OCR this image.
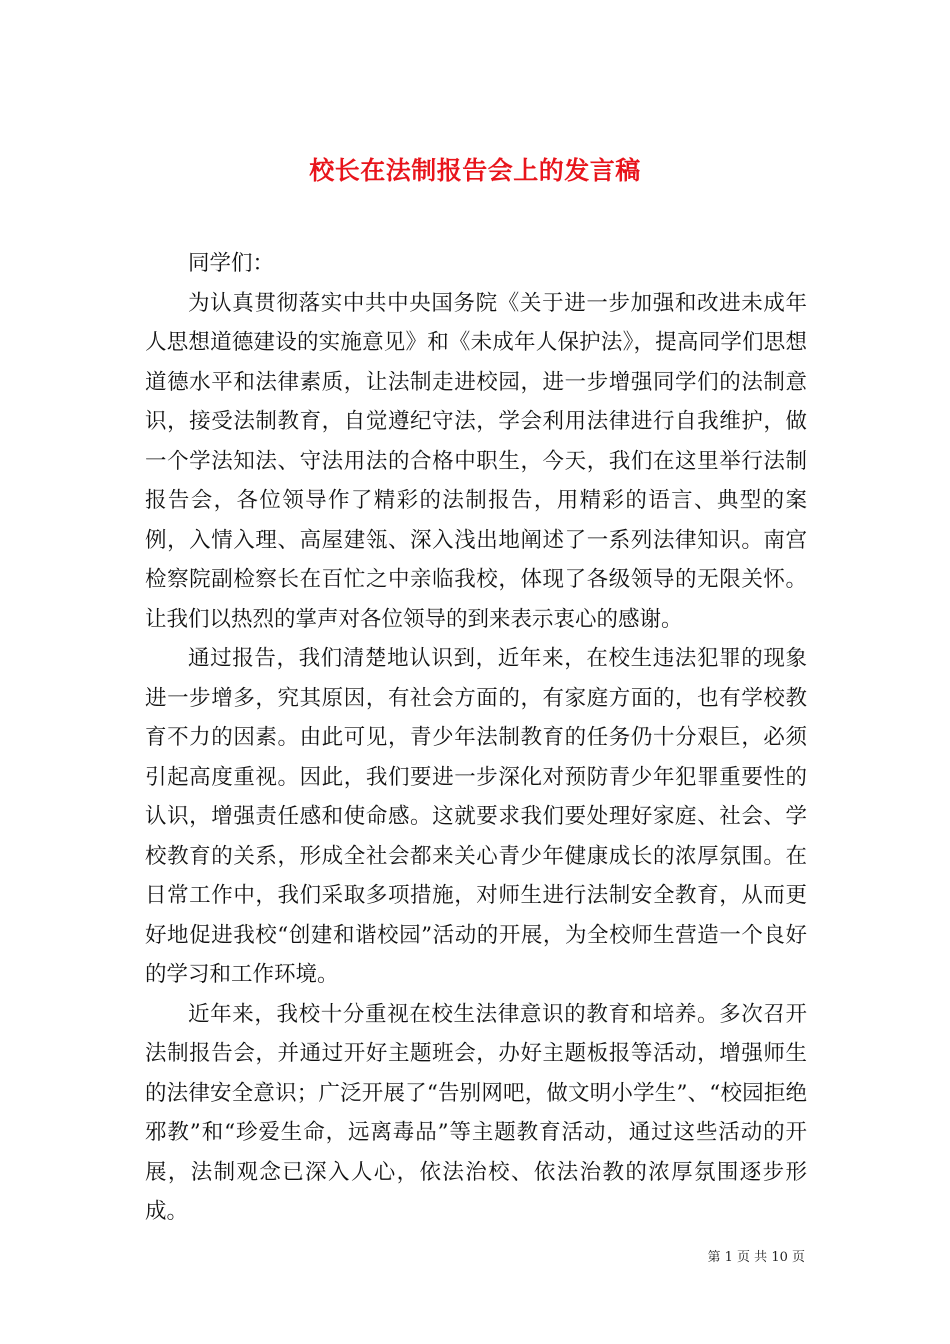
校长在法制报告会上的发言稿

同学们：

为认真贯彻落实中共中央国务院《关于进一步加强和改进未成年人思想道德建设的实施意见》和《未成年人保护法》，提高同学们思想道德水平和法律素质，让法制走进校园，进一步增强同学们的法制意识，接受法制教育，自觉遵纪守法，学会利用法律进行自我维护，做一个学法知法、守法用法的合格中职生，今天，我们在这里举行法制报告会，各位领导作了精彩的法制报告，用精彩的语言、典型的案例，入情入理、高屋建瓴、深入浅出地阐述了一系列法律知识。南宫检察院副检察长在百忙之中亲临我校，体现了各级领导的无限关怀。让我们以热烈的掌声对各位领导的到来表示衷心的感谢。

通过报告，我们清楚地认识到，近年来，在校生违法犯罪的现象进一步增多，究其原因，有社会方面的，有家庭方面的，也有学校教育不力的因素。由此可见，青少年法制教育的任务仍十分艰巨，必须引起高度重视。因此，我们要进一步深化对预防青少年犯罪重要性的认识，增强责任感和使命感。这就要求我们要处理好家庭、社会、学校教育的关系，形成全社会都来关心青少年健康成长的浓厚氛围。在日常工作中，我们采取多项措施，对师生进行法制安全教育，从而更好地促进我校“创建和谐校园”活动的开展，为全校师生营造一个良好的学习和工作环境。

近年来，我校十分重视在校生法律意识的教育和培养。多次召开法制报告会，并通过开好主题班会，办好主题板报等活动，增强师生的法律安全意识；广泛开展了“告别网吧，做文明小学生”、“校园拒绝邪教”和“珍爱生命，远离毒品”等主题教育活动，通过这些活动的开展，法制观念已深入人心，依法治校、依法治教的浓厚氛围逐步形成。

第 1 页 共 10 页
